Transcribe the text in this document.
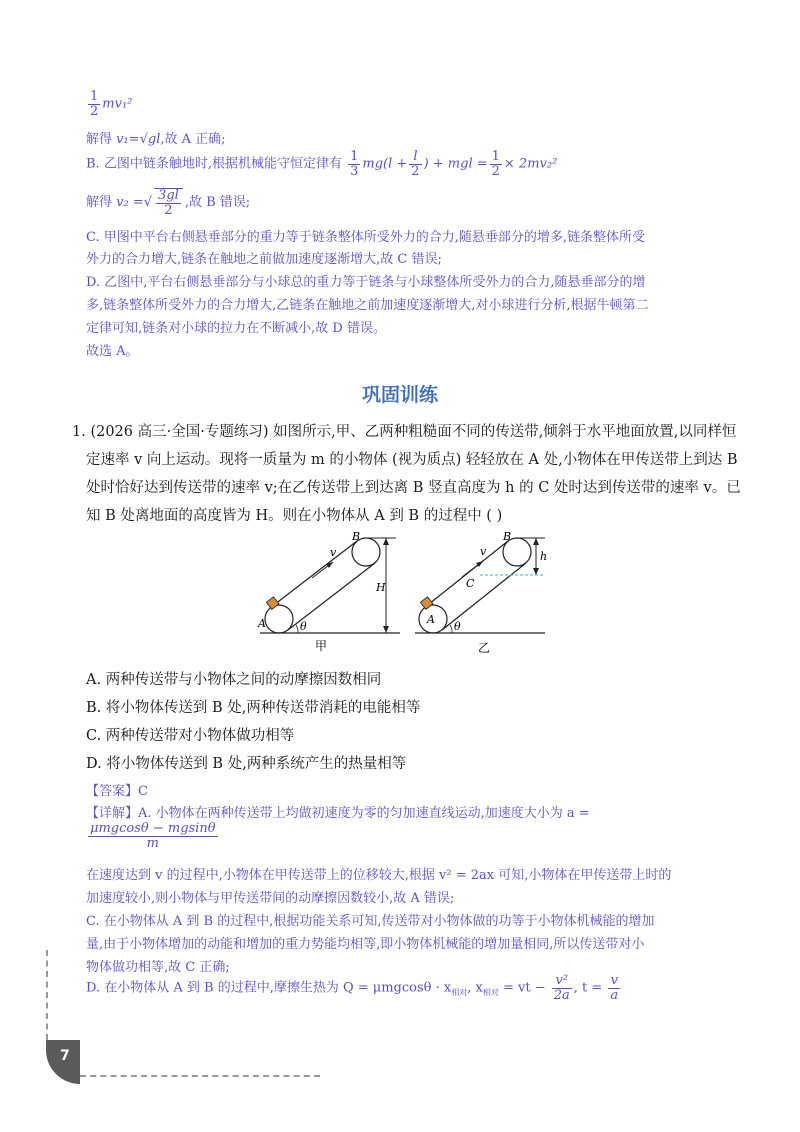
$\frac{1}{2} mv_1^2$
解得 v₁=√gl,故 A 正确;
B. 乙图中链条触地时,根据机械能守恒定律有 $\frac{1}{3} mg(l + \frac{l}{2}$ ) + mgl = $\frac{1}{2} \times 2mv_2^2$
解得 v₂ =√ $\frac{3gl}{2}$ ,故 B 错误;
C. 甲图中平台右侧悬垂部分的重力等于链条整体所受外力的合力,随悬垂部分的增多,链条整体所受
外力的合力增大,链条在触地之前做加速度逐渐增大,故 C 错误;
D. 乙图中,平台右侧悬垂部分与小球总的重力等于链条与小球整体所受外力的合力,随悬垂部分的增
多,链条整体所受外力的合力增大,乙链条在触地之前加速度逐渐增大,对小球进行分析,根据牛顿第二
定律可知,链条对小球的拉力在不断减小,故 D 错误。
故选 A。
巩固训练
1. (2026 高三·全国·专题练习) 如图所示,甲、乙两种粗糙面不同的传送带,倾斜于水平地面放置,以同样恒
定速率 v 向上运动。现将一质量为 m 的小物体 (视为质点) 轻轻放在 A 处,小物体在甲传送带上到达 B
处时恰好达到传送带的速率 v;在乙传送带上到达离 B 竖直高度为 h 的 C 处时达到传送带的速率 v。已
知 B 处离地面的高度皆为 H。则在小物体从 A 到 B 的过程中 ( )
v
B
H
A	θ
甲
v
B
h
C
A
θ
乙
A. 两种传送带与小物体之间的动摩擦因数相同
B. 将小物体传送到 B 处,两种传送带消耗的电能相等
C. 两种传送带对小物体做功相等
D. 将小物体传送到 B 处,两种系统产生的热量相等
【答案】C
【详解】A. 小物体在两种传送带上均做初速度为零的匀加速直线运动,加速度大小为 a =
$\frac{\text{μmgcosθ − mgsinθ}}{m}$
在速度达到 v 的过程中,小物体在甲传送带上的位移较大,根据 v² = 2ax 可知,小物体在甲传送带上时的
加速度较小,则小物体与甲传送带间的动摩擦因数较小,故 A 错误;
C. 在小物体从 A 到 B 的过程中,根据功能关系可知,传送带对小物体做的功等于小物体机械能的增加
量,由于小物体增加的动能和增加的重力势能均相等,即小物体机械能的增加量相同,所以传送带对小
物体做功相等,故 C 正确;
D. 在小物体从 A 到 B 的过程中,摩擦生热为 $Q = \mu mgcos\theta \cdot x_{相对}$, $x_{相对}$ = vt − $\frac{\text{v²}}{2a}$ , $t = \frac{v}{a}$
7
